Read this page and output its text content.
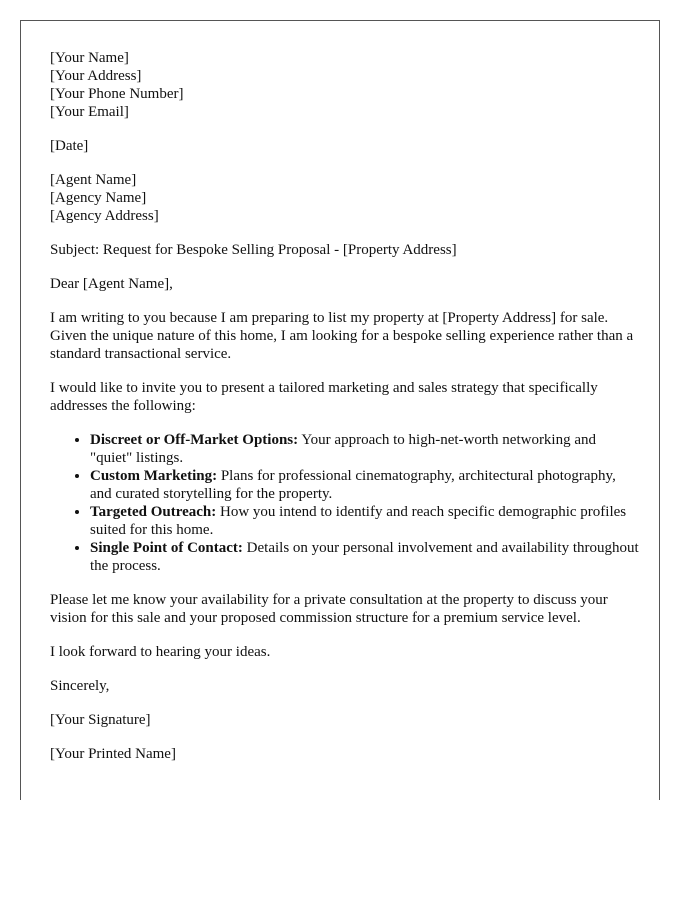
[Your Name]
[Your Address]
[Your Phone Number]
[Your Email]

[Date]

[Agent Name]
[Agency Name]
[Agency Address]

Subject: Request for Bespoke Selling Proposal - [Property Address]

Dear [Agent Name],

I am writing to you because I am preparing to list my property at [Property Address] for sale. Given the unique nature of this home, I am looking for a bespoke selling experience rather than a standard transactional service.

I would like to invite you to present a tailored marketing and sales strategy that specifically addresses the following:

• Discreet or Off-Market Options: Your approach to high-net-worth networking and "quiet" listings.
• Custom Marketing: Plans for professional cinematography, architectural photography, and curated storytelling for the property.
• Targeted Outreach: How you intend to identify and reach specific demographic profiles suited for this home.
• Single Point of Contact: Details on your personal involvement and availability throughout the process.

Please let me know your availability for a private consultation at the property to discuss your vision for this sale and your proposed commission structure for a premium service level.

I look forward to hearing your ideas.

Sincerely,

[Your Signature]

[Your Printed Name]
